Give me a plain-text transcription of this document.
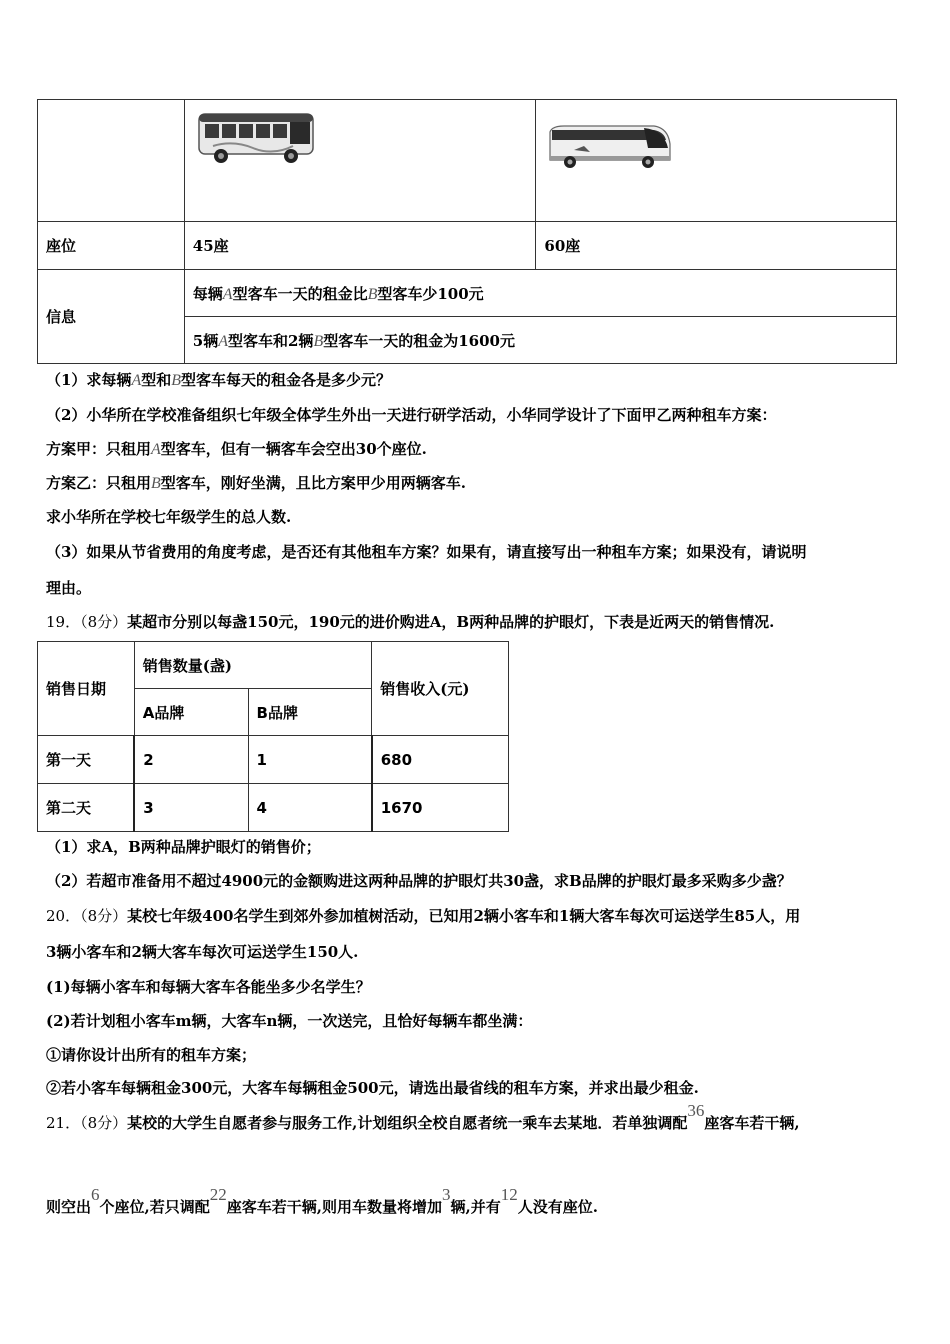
座位	45座	60座
信息	每辆A型客车一天的租金比B型客车少100元	
	5辆A型客车和2辆B型客车一天的租金为1600元	
（1）求每辆A型和B型客车每天的租金各是多少元？
（2）小华所在学校准备组织七年级全体学生外出一天进行研学活动，小华同学设计了下面甲乙两种租车方案：
方案甲：只租用A型客车，但有一辆客车会空出30个座位.
方案乙：只租用B型客车，刚好坐满，且比方案甲少用两辆客车.
求小华所在学校七年级学生的总人数.
（3）如果从节省费用的角度考虑，是否还有其他租车方案？如果有，请直接写出一种租车方案；如果没有，请说明
理由。
19．（8分）某超市分别以每盏150元，190元的进价购进A，B两种品牌的护眼灯，下表是近两天的销售情况.
销售日期	销售数量(盏)		销售收入(元)
	A品牌	B品牌	
第一天	2	1	680
第二天	3	4	1670
（1）求A，B两种品牌护眼灯的销售价；
（2）若超市准备用不超过4900元的金额购进这两种品牌的护眼灯共30盏，求B品牌的护眼灯最多采购多少盏？
20．（8分）某校七年级400名学生到郊外参加植树活动，已知用2辆小客车和1辆大客车每次可运送学生85人，用
3辆小客车和2辆大客车每次可运送学生150人.
(1)每辆小客车和每辆大客车各能坐多少名学生？
(2)若计划租小客车m辆，大客车n辆，一次送完，且恰好每辆车都坐满：
①请你设计出所有的租车方案；
②若小客车每辆租金300元，大客车每辆租金500元，请选出最省线的租车方案，并求出最少租金.
21．（8分）某校的大学生自愿者参与服务工作,计划组织全校自愿者统一乘车去某地．若单独调配36座客车若干辆,
则空出6个座位,若只调配22座客车若干辆,则用车数量将增加3辆,并有12人没有座位.
